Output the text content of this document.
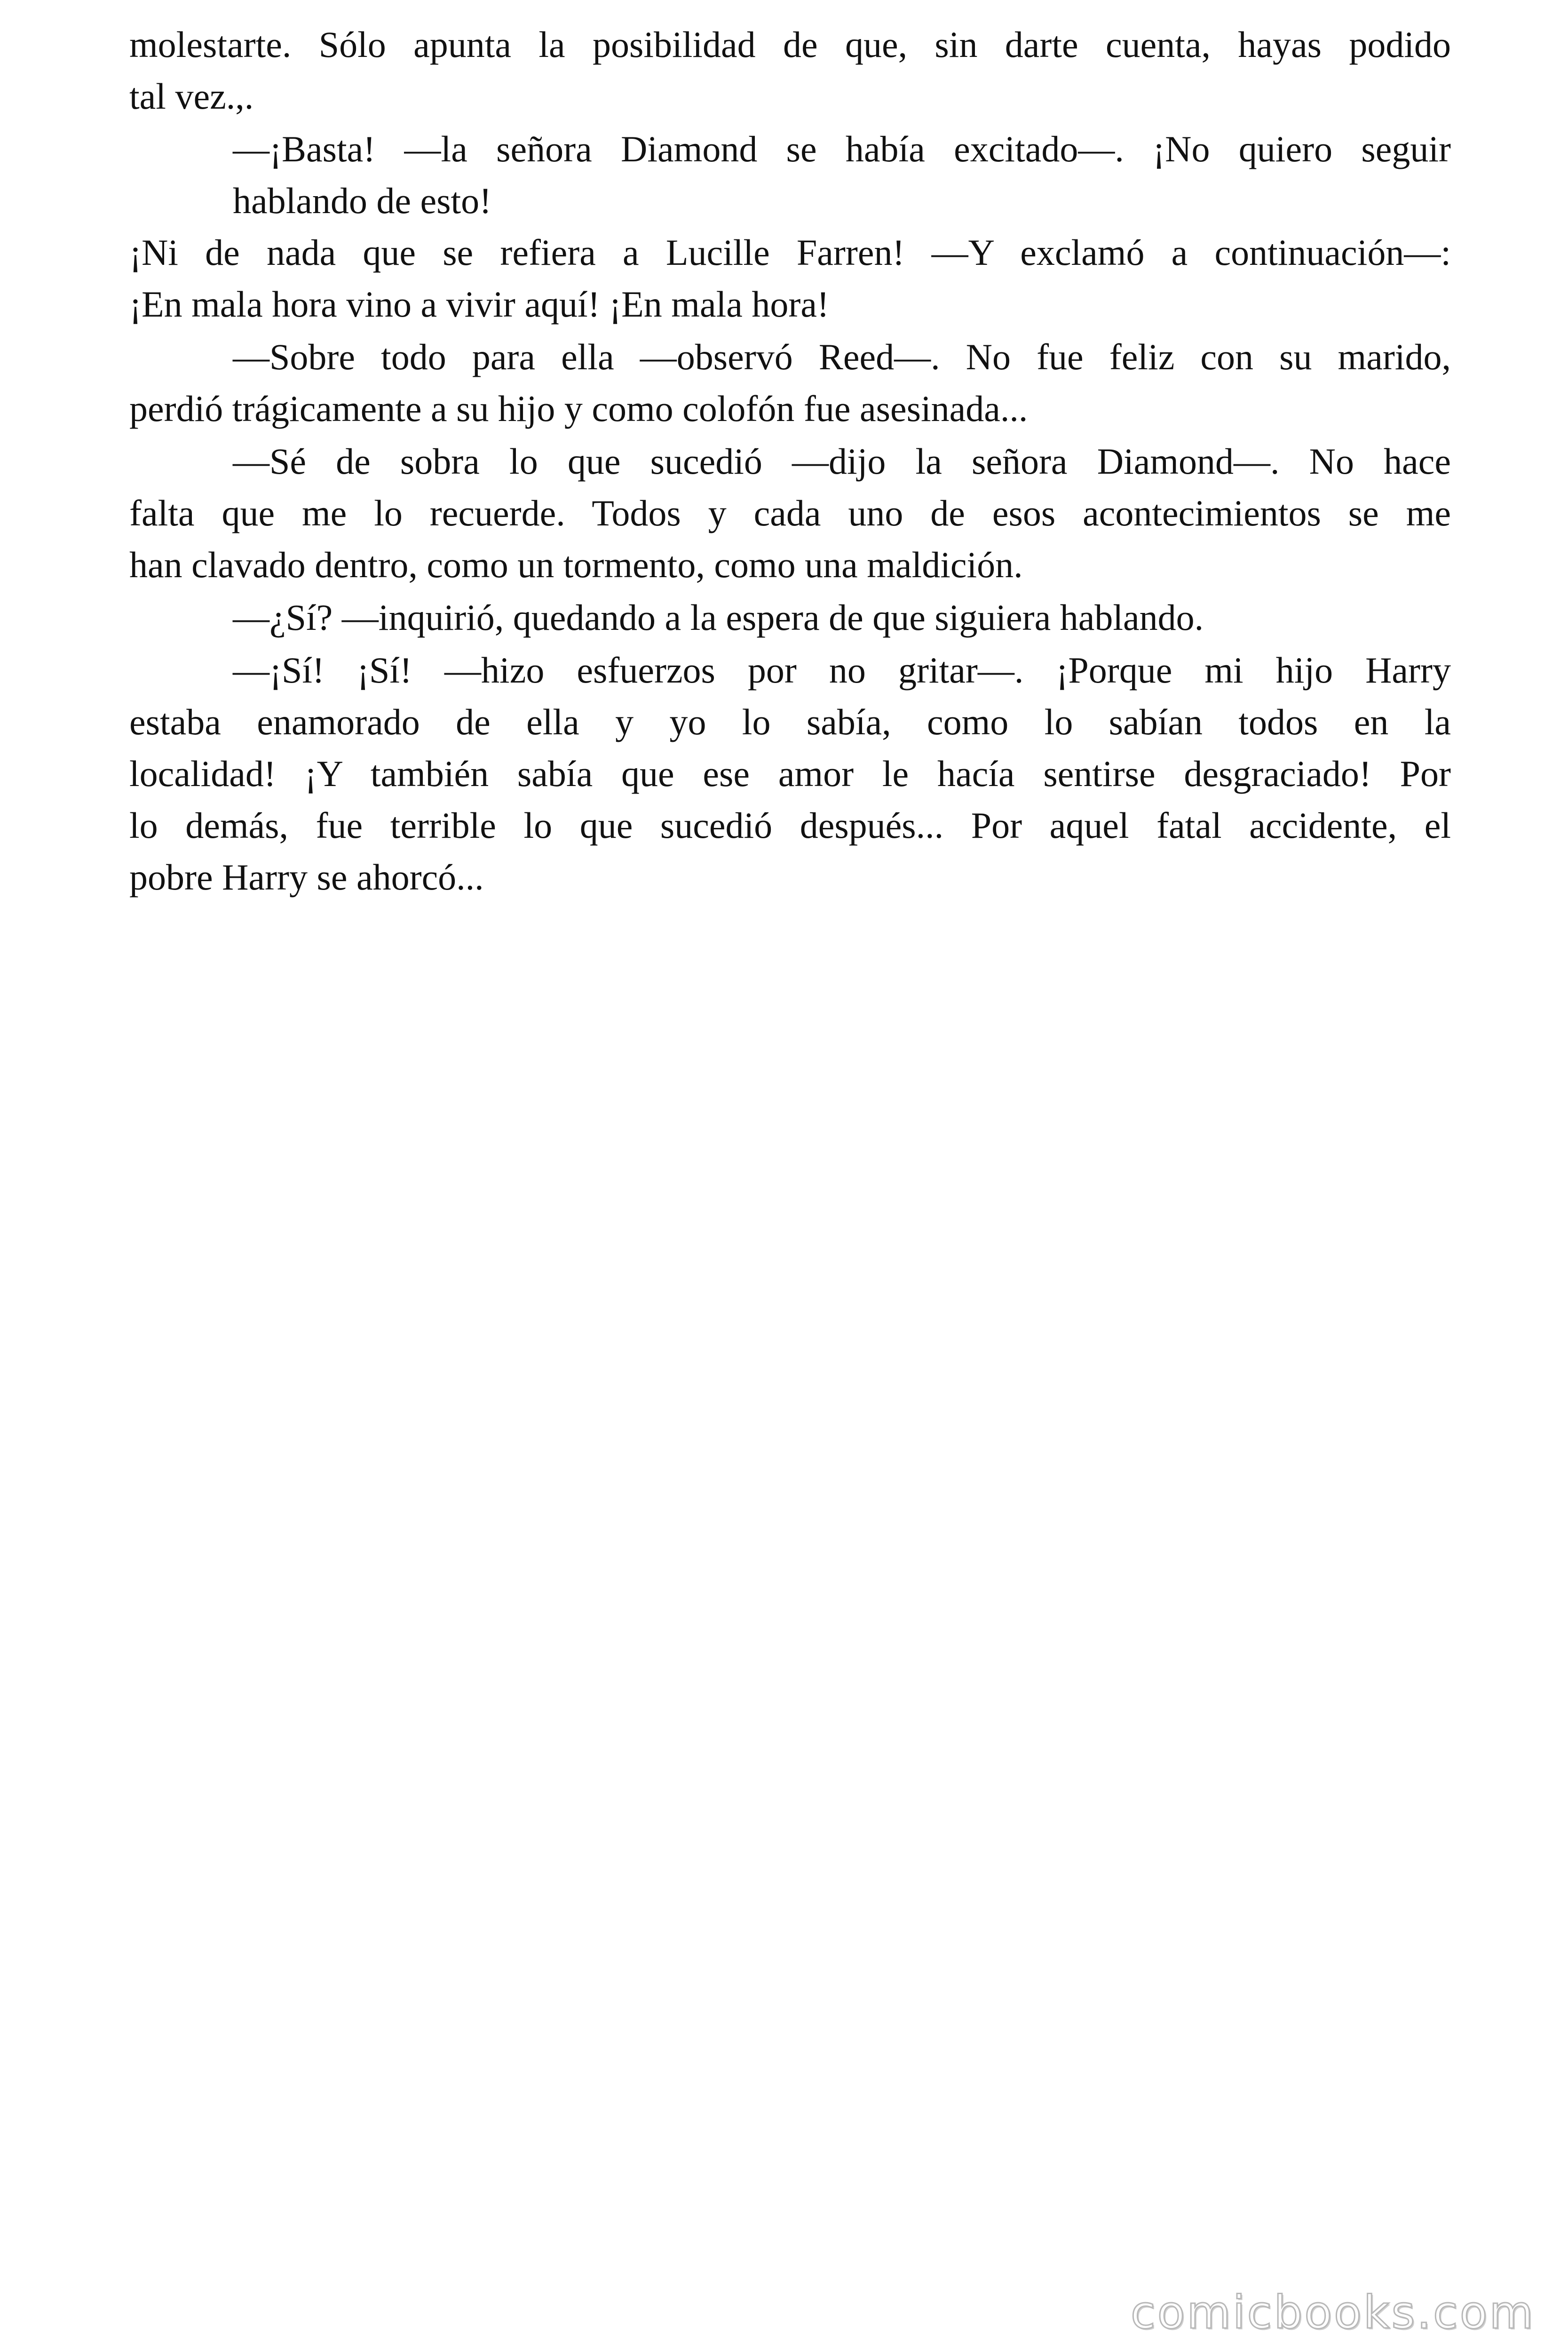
molestarte. Sólo apunta la posibilidad de que, sin darte cuenta, hayas podido
tal vez.,.
—¡Basta! —la señora Diamond se había excitado—. ¡No quiero seguir
hablando de esto!
¡Ni de nada que se refiera a Lucille Farren! —Y exclamó a continuación—:
¡En mala hora vino a vivir aquí! ¡En mala hora!
—Sobre todo para ella —observó Reed—. No fue feliz con su marido,
perdió trágicamente a su hijo y como colofón fue asesinada...
—Sé de sobra lo que sucedió —dijo la señora Diamond—. No hace
falta que me lo recuerde. Todos y cada uno de esos acontecimientos se me
han clavado dentro, como un tormento, como una maldición.
—¿Sí? —inquirió, quedando a la espera de que siguiera hablando.
—¡Sí! ¡Sí! —hizo esfuerzos por no gritar—. ¡Porque mi hijo Harry
estaba enamorado de ella y yo lo sabía, como lo sabían todos en la
localidad! ¡Y también sabía que ese amor le hacía sentirse desgraciado! Por
lo demás, fue terrible lo que sucedió después... Por aquel fatal accidente, el
pobre Harry se ahorcó...
comicbooks.com
